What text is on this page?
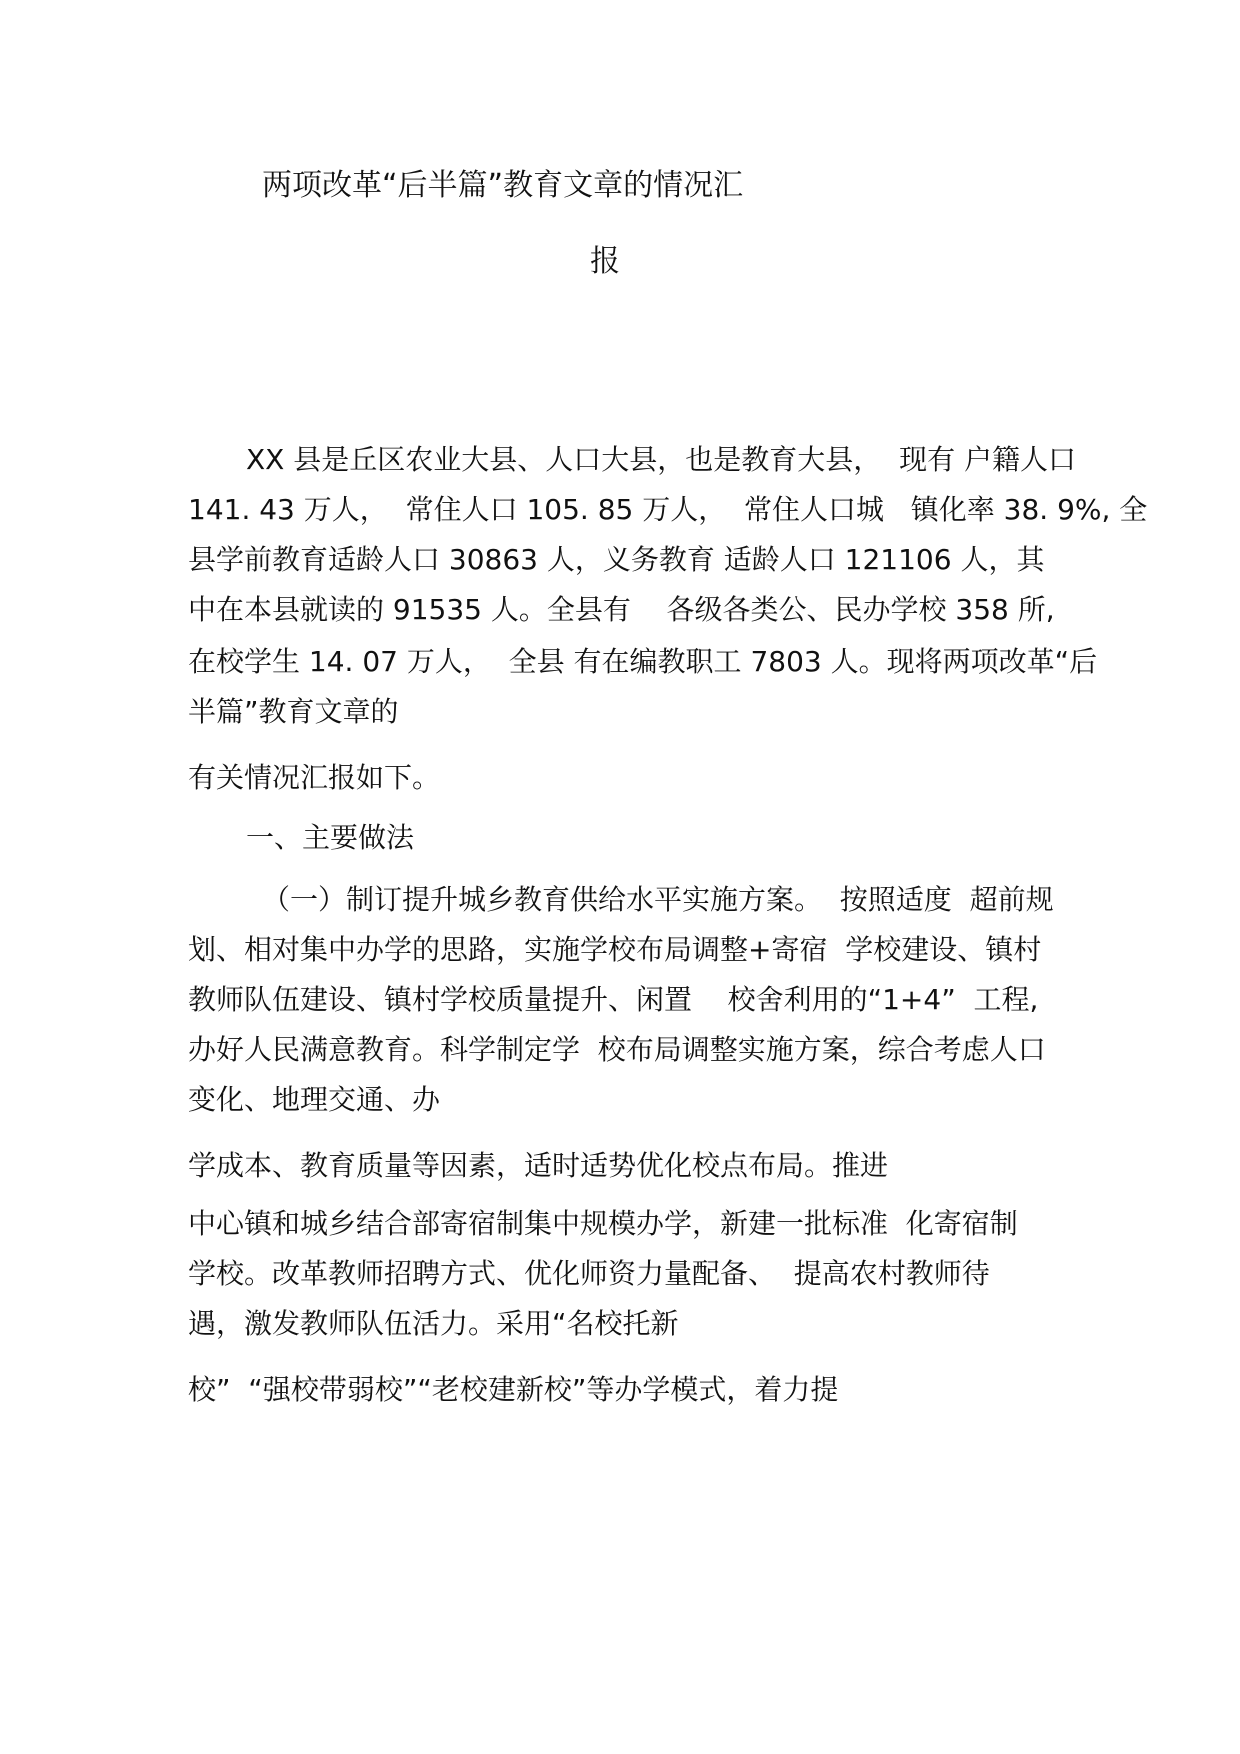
两项改革“后半篇”教育文章的情况汇
报
XX 县是丘区农业大县、人口大县，也是教育大县，  现有 户籍人口
141. 43 万人，  常住人口 105. 85 万人，  常住人口城   镇化率 38. 9%, 全
县学前教育适龄人口 30863 人，义务教育 适龄人口 121106 人，其
中在本县就读的 91535 人。全县有    各级各类公、民办学校 358 所,
在校学生 14. 07 万人，  全县 有在编教职工 7803 人。现将两项改革“后
半篇”教育文章的
有关情况汇报如下。
一、主要做法
（一）制订提升城乡教育供给水平实施方案。  按照适度  超前规
划、相对集中办学的思路，实施学校布局调整+寄宿  学校建设、镇村
教师队伍建设、镇村学校质量提升、闲置    校舍利用的“1+4”  工程,
办好人民满意教育。科学制定学  校布局调整实施方案，综合考虑人口
变化、地理交通、办
学成本、教育质量等因素，适时适势优化校点布局。推进
中心镇和城乡结合部寄宿制集中规模办学，新建一批标准  化寄宿制
学校。改革教师招聘方式、优化师资力量配备、  提高农村教师待
遇，激发教师队伍活力。采用“名校托新
校”  “强校带弱校”“老校建新校”等办学模式，着力提
